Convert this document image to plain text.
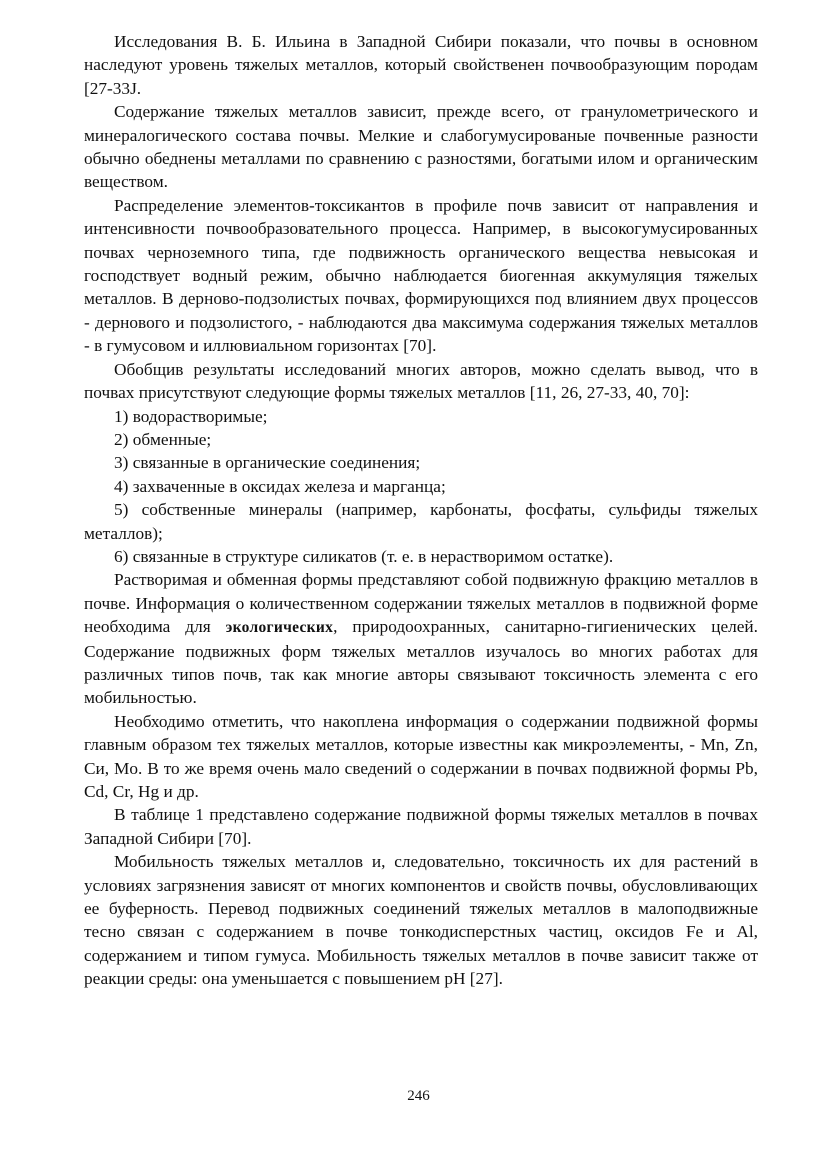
Исследования В. Б. Ильина в Западной Сибири показали, что почвы в основном наследуют уровень тяжелых металлов, который свойственен почвообразующим породам [27-33J.

Содержание тяжелых металлов зависит, прежде всего, от гранулометрического и минералогического состава почвы. Мелкие и слабогумусированые почвенные разности обычно обеднены металлами по сравнению с разностями, богатыми илом и органическим веществом.

Распределение элементов-токсикантов в профиле почв зависит от направления и интенсивности почвообразовательного процесса. Например, в высокогумусированных почвах черноземного типа, где подвижность органического вещества невысокая и господствует водный режим, обычно наблюдается биогенная аккумуляция тяжелых металлов. В дерново-подзолистых почвах, формирующихся под влиянием двух процессов - дернового и подзолистого, - наблюдаются два максимума содержания тяжелых металлов - в гумусовом и иллювиальном горизонтах [70].

Обобщив результаты исследований многих авторов, можно сделать вывод, что в почвах присутствуют следующие формы тяжелых металлов [11, 26, 27-33, 40, 70]:

1) водорастворимые;
2) обменные;
3) связанные в органические соединения;
4) захваченные в оксидах железа и марганца;
5) собственные минералы (например, карбонаты, фосфаты, сульфиды тяжелых металлов);
6) связанные в структуре силикатов (т. е. в нерастворимом остатке).

Растворимая и обменная формы представляют собой подвижную фракцию металлов в почве. Информация о количественном содержании тяжелых металлов в подвижной форме необходима для экологических, природоохранных, санитарно-гигиенических целей. Содержание подвижных форм тяжелых металлов изучалось во многих работах для различных типов почв, так как многие авторы связывают токсичность элемента с его мобильностью.

Необходимо отметить, что накоплена информация о содержании подвижной формы главным образом тех тяжелых металлов, которые известны как микроэлементы, - Mn, Zn, Си, Mo. В то же время очень мало сведений о содержании в почвах подвижной формы Pb, Cd, Сr, Hg и др.

В таблице 1 представлено содержание подвижной формы тяжелых металлов в почвах Западной Сибири [70].

Мобильность тяжелых металлов и, следовательно, токсичность их для растений в условиях загрязнения зависят от многих компонентов и свойств почвы, обусловливающих ее буферность. Перевод подвижных соединений тяжелых металлов в малоподвижные тесно связан с содержанием в почве тонкодисперстных частиц, оксидов Fe и Al, содержанием и типом гумуса. Мобильность тяжелых металлов в почве зависит также от реакции среды: она уменьшается с повышением pH [27].

246
